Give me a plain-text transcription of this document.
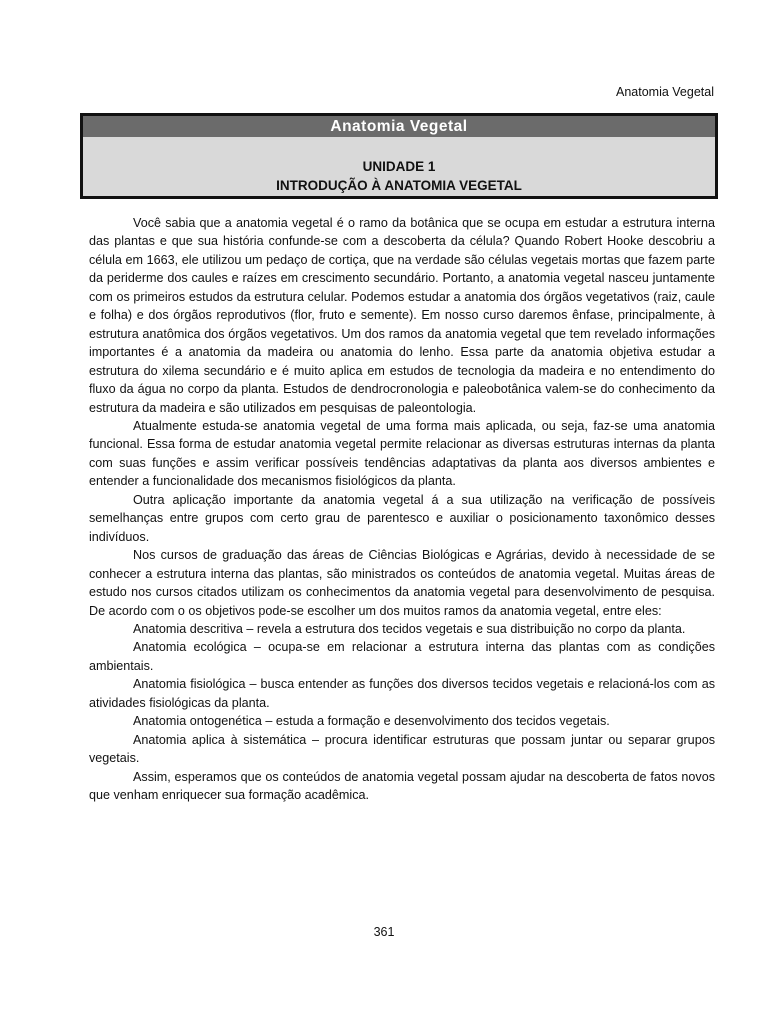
Anatomia Vegetal
Anatomia Vegetal
UNIDADE 1
INTRODUÇÃO À ANATOMIA VEGETAL

Você sabia que a anatomia vegetal é o ramo da botânica que se ocupa em estudar a estrutura interna das plantas e que sua história confunde-se com a descoberta da célula? Quando Robert Hooke descobriu a célula em 1663, ele utilizou um pedaço de cortiça, que na verdade são células vegetais mortas que fazem parte da periderme dos caules e raízes em crescimento secundário. Portanto, a anatomia vegetal nasceu juntamente com os primeiros estudos da estrutura celular. Podemos estudar a anatomia dos órgãos vegetativos (raiz, caule e folha) e dos órgãos reprodutivos (flor, fruto e semente). Em nosso curso daremos ênfase, principalmente, à estrutura anatômica dos órgãos vegetativos. Um dos ramos da anatomia vegetal que tem revelado informações importantes é a anatomia da madeira ou anatomia do lenho. Essa parte da anatomia objetiva estudar a estrutura do xilema secundário e é muito aplica em estudos de tecnologia da madeira e no entendimento do fluxo da água no corpo da planta. Estudos de dendrocronologia e paleobotânica valem-se do conhecimento da estrutura da madeira e são utilizados em pesquisas de paleontologia.

Atualmente estuda-se anatomia vegetal de uma forma mais aplicada, ou seja, faz-se uma anatomia funcional. Essa forma de estudar anatomia vegetal permite relacionar as diversas estruturas internas da planta com suas funções e assim verificar possíveis tendências adaptativas da planta aos diversos ambientes e entender a funcionalidade dos mecanismos fisiológicos da planta.

Outra aplicação importante da anatomia vegetal á a sua utilização na verificação de possíveis semelhanças entre grupos com certo grau de parentesco e auxiliar o posicionamento taxonômico desses indivíduos.

Nos cursos de graduação das áreas de Ciências Biológicas e Agrárias, devido à necessidade de se conhecer a estrutura interna das plantas, são ministrados os conteúdos de anatomia vegetal. Muitas áreas de estudo nos cursos citados utilizam os conhecimentos da anatomia vegetal para desenvolvimento de pesquisa. De acordo com o os objetivos pode-se escolher um dos muitos ramos da anatomia vegetal, entre eles:

Anatomia descritiva – revela a estrutura dos tecidos vegetais e sua distribuição no corpo da planta.

Anatomia ecológica – ocupa-se em relacionar a estrutura interna das plantas com as condições ambientais.

Anatomia fisiológica – busca entender as funções dos diversos tecidos vegetais e relacioná-los com as atividades fisiológicas da planta.

Anatomia ontogenética – estuda a formação e desenvolvimento dos tecidos vegetais.

Anatomia aplica à sistemática – procura identificar estruturas que possam juntar ou separar grupos vegetais.

Assim, esperamos que os conteúdos de anatomia vegetal possam ajudar na descoberta de fatos novos que venham enriquecer sua formação acadêmica.

361
